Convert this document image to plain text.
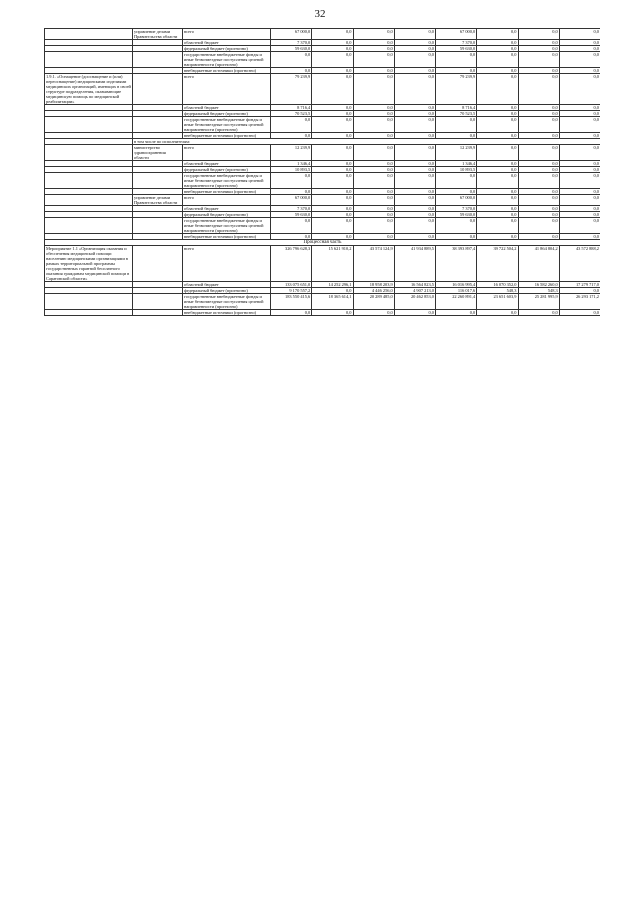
32
	управление делами Правительства области	всего	67 000,0	0,0	0,0	0,0	67 000,0	0,0	0,0	0,0
		областной бюджет	7 370,0	0,0	0,0	0,0	7 370,0	0,0	0,0	0,0
		федеральный бюджет (прогнозно)	59 630,0	0,0	0,0	0,0	59 630,0	0,0	0,0	0,0
		государственные внебюджетные фонды и иные безвозмездные поступления целевой направленности (прогнозно)	0,0	0,0	0,0	0,0	0,0	0,0	0,0	0,0
		внебюджетные источники (прогнозно)	0,0	0,0	0,0	0,0	0,0	0,0	0,0	0,0
1.9.1. «Оснащение (дооснащение и (или) переоснащение) медицинскими изделиями медицинских организаций, имеющих в своей структуре подразделения, оказывающие медицинскую помощь по медицинской реабилитации»		всего	79 239,9	0,0	0,0	0,0	79 239,9	0,0	0,0	0,0
		областной бюджет	8 716,4	0,0	0,0	0,0	8 716,4	0,0	0,0	0,0
		федеральный бюджет (прогнозно)	70 523,5	0,0	0,0	0,0	70 523,5	0,0	0,0	0,0
		государственные внебюджетные фонды и иные безвозмездные поступления целевой направленности (прогнозно)	0,0	0,0	0,0	0,0	0,0	0,0	0,0	0,0
		внебюджетные источники (прогнозно)	0,0	0,0	0,0	0,0	0,0	0,0	0,0	0,0
	в том числе по исполнителям:									
	министерство здравоохранения области	всего	12 239,9	0,0	0,0	0,0	12 239,9	0,0	0,0	0,0
		областной бюджет	1 346,4	0,0	0,0	0,0	1 346,4	0,0	0,0	0,0
		федеральный бюджет (прогнозно)	10 893,5	0,0	0,0	0,0	10 893,5	0,0	0,0	0,0
		государственные внебюджетные фонды и иные безвозмездные поступления целевой направленности (прогнозно)	0,0	0,0	0,0	0,0	0,0	0,0	0,0	0,0
		внебюджетные источники (прогнозно)	0,0	0,0	0,0	0,0	0,0	0,0	0,0	0,0
	управление делами Правительства области	всего	67 000,0	0,0	0,0	0,0	67 000,0	0,0	0,0	0,0
		областной бюджет	7 370,0	0,0	0,0	0,0	7 370,0	0,0	0,0	0,0
		федеральный бюджет (прогнозно)	59 630,0	0,0	0,0	0,0	59 630,0	0,0	0,0	0,0
		государственные внебюджетные фонды и иные безвозмездные поступления целевой направленности (прогнозно)	0,0	0,0	0,0	0,0	0,0	0,0	0,0	0,0
		внебюджетные источники (прогнозно)	0,0	0,0	0,0	0,0	0,0	0,0	0,0	0,0
Процессная часть										
Мероприятие 1.1 «Организация оказания и обеспечения медицинской помощи населению медицинскими организациями в рамках территориальной программы государственных гарантий бесплатного оказания гражданам медицинской помощи в Саратовской области»		всего	326 796 628,3	15 621 910,2	43 574 124,9	41 934 889,5	38 393 897,4	39 722 504,2	41 864 804,2	43 572 888,2
		областной бюджет	133 075 651,0	14 252 296,1	18 958 203,9	16 564 823,5	16 016 995,4	16 070 352,0	16 582 260,0	17 279 717,0
		федеральный бюджет (прогнозно)	9 170 557,2	0,0	4 446 256,0	4 907 213,0	116 017,6	548,3	548,3	0,0
		государственные внебюджетные фонды и иные безвозмездные поступления целевой направленности (прогнозно)	183 550 415,6	18 365 614,1	20 289 485,0	20 462 853,0	22 260 891,4	23 651 603,9	25 281 995,9	26 293 171,2
		внебюджетные источники (прогнозно)	0,0	0,0	0,0	0,0	0,0	0,0	0,0	0,0
